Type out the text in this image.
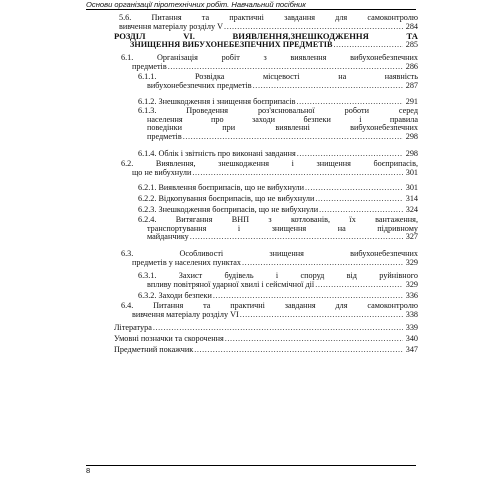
Основи організації піротехнічних робіт. Навчальний посібник
5.6. Питання та практичні завдання для самоконтролю
вивчення матеріалу розділу V .....	284
РОЗДІЛ VI. ВИЯВЛЕННЯ,ЗНЕШКОДЖЕННЯ ТА
ЗНИЩЕННЯ ВИБУХОНЕБЕЗПЕЧНИХ ПРЕДМЕТІВ .....	285
6.1. Організація робіт з виявлення вибухонебезпечних
предметів .....	286
6.1.1. Розвідка місцевості на наявність
вибухонебезпечних предметів .....	287
6.1.2. Знешкодження і знищення боєприпасів .....	291
6.1.3. Проведення роз'яснювальної роботи серед
населення про заходи безпеки і правила
поведінки при виявленні вибухонебезпечних
предметів .....	298
6.1.4. Облік і звітність про виконані завдання .....	298
6.2. Виявлення, знешкодження і знищення боєприпасів,
що не вибухнули .....	301
6.2.1. Виявлення боєприпасів, що не вибухнули .....	301
6.2.2. Відкопування боєприпасів, що не вибухнули .....	314
6.2.3. Знешкодження боєприпасів, що не вибухнули .....	324
6.2.4. Витягання ВНП з котлованів, їх вантаження,
транспортування і знищення на підривному
майданчику .....	327
6.3. Особливості знищення вибухонебезпечних
предметів у населених пунктах .....	329
6.3.1. Захист будівель і споруд від руйнівного
впливу повітряної ударної хвилі і сейсмічної дії .....	329
6.3.2. Заходи безпеки .....	336
6.4. Питання та практичні завдання для самоконтролю
вивчення матеріалу розділу VI .....	338
Література .....	339
Умовні позначки та скорочення .....	340
Предметний покажчик .....	347
8
